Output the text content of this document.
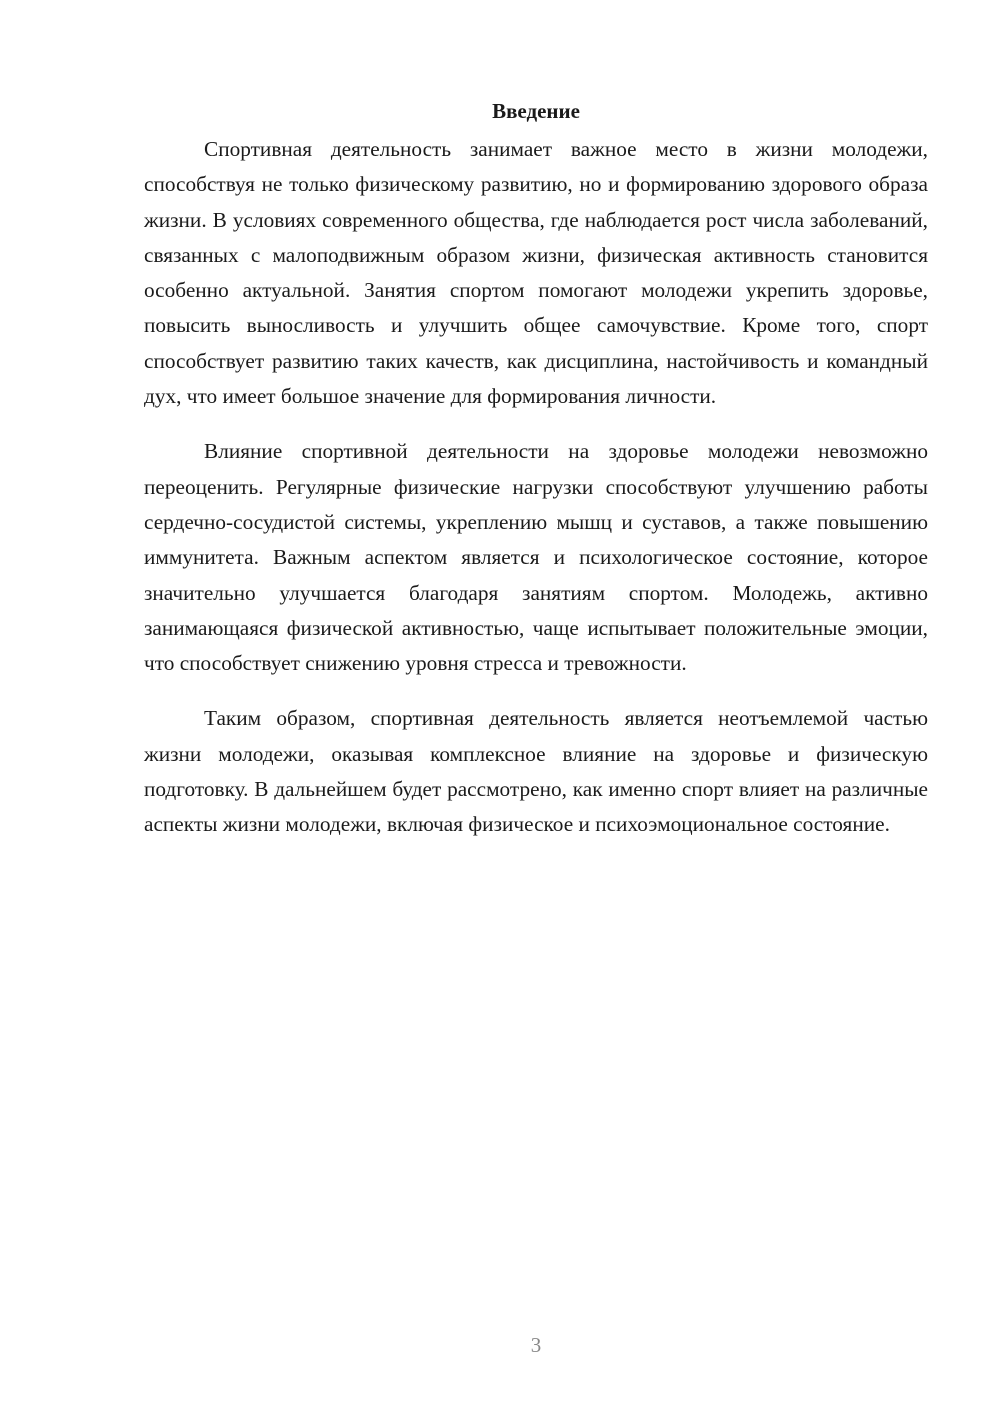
Введение

Спортивная деятельность занимает важное место в жизни молодежи, способствуя не только физическому развитию, но и формированию здорового образа жизни. В условиях современного общества, где наблюдается рост числа заболеваний, связанных с малоподвижным образом жизни, физическая активность становится особенно актуальной. Занятия спортом помогают молодежи укрепить здоровье, повысить выносливость и улучшить общее самочувствие. Кроме того, спорт способствует развитию таких качеств, как дисциплина, настойчивость и командный дух, что имеет большое значение для формирования личности.

Влияние спортивной деятельности на здоровье молодежи невозможно переоценить. Регулярные физические нагрузки способствуют улучшению работы сердечно-сосудистой системы, укреплению мышц и суставов, а также повышению иммунитета. Важным аспектом является и психологическое состояние, которое значительно улучшается благодаря занятиям спортом. Молодежь, активно занимающаяся физической активностью, чаще испытывает положительные эмоции, что способствует снижению уровня стресса и тревожности.

Таким образом, спортивная деятельность является неотъемлемой частью жизни молодежи, оказывая комплексное влияние на здоровье и физическую подготовку. В дальнейшем будет рассмотрено, как именно спорт влияет на различные аспекты жизни молодежи, включая физическое и психоэмоциональное состояние.

3
